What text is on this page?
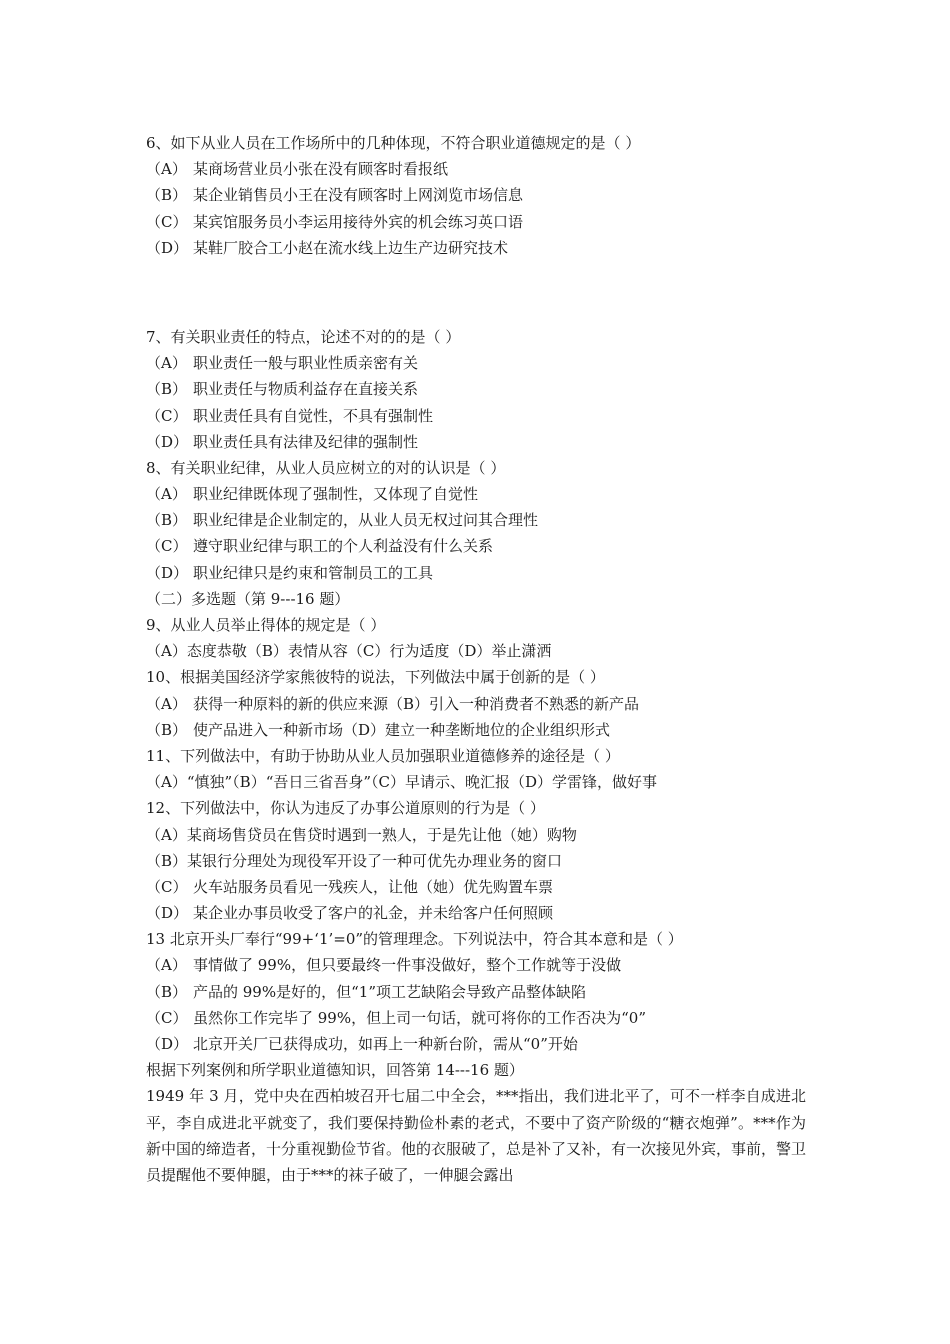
6、如下从业人员在工作场所中的几种体现，不符合职业道德规定的是（ ）
（A） 某商场营业员小张在没有顾客时看报纸
（B） 某企业销售员小王在没有顾客时上网浏览市场信息
（C） 某宾馆服务员小李运用接待外宾的机会练习英口语
（D） 某鞋厂胶合工小赵在流水线上边生产边研究技术
7、有关职业责任的特点，论述不对的的是（ ）
（A） 职业责任一般与职业性质亲密有关
（B） 职业责任与物质利益存在直接关系
（C） 职业责任具有自觉性，不具有强制性
（D） 职业责任具有法律及纪律的强制性
8、有关职业纪律，从业人员应树立的对的认识是（ ）
（A） 职业纪律既体现了强制性，又体现了自觉性
（B） 职业纪律是企业制定的，从业人员无权过问其合理性
（C） 遵守职业纪律与职工的个人利益没有什么关系
（D） 职业纪律只是约束和管制员工的工具
（二）多选题（第 9---16 题）
9、从业人员举止得体的规定是（ ）
（A）态度恭敬（B）表情从容（C）行为适度（D）举止潇洒
10、根据美国经济学家熊彼特的说法，下列做法中属于创新的是（ ）
（A） 获得一种原料的新的供应来源（B）引入一种消费者不熟悉的新产品
（B） 使产品进入一种新市场（D）建立一种垄断地位的企业组织形式
11、下列做法中，有助于协助从业人员加强职业道德修养的途径是（ ）
（A）“慎独”（B）“吾日三省吾身”（C）早请示、晚汇报（D）学雷锋，做好事
12、下列做法中，你认为违反了办事公道原则的行为是（ ）
（A）某商场售贷员在售贷时遇到一熟人，于是先让他（她）购物
（B）某银行分理处为现役军开设了一种可优先办理业务的窗口
（C） 火车站服务员看见一残疾人，让他（她）优先购置车票
（D） 某企业办事员收受了客户的礼金，并未给客户任何照顾
13 北京开头厂奉行“99+‘1’=0”的管理理念。下列说法中，符合其本意和是（ ）
（A） 事情做了 99%，但只要最终一件事没做好，整个工作就等于没做
（B） 产品的 99%是好的，但“1”项工艺缺陷会导致产品整体缺陷
（C） 虽然你工作完毕了 99%，但上司一句话，就可将你的工作否决为“0”
（D） 北京开关厂已获得成功，如再上一种新台阶，需从“0”开始
根据下列案例和所学职业道德知识，回答第 14---16 题）
1949 年 3 月，党中央在西柏坡召开七届二中全会，***指出，我们进北平了，可不一样李自成进北平，李自成进北平就变了，我们要保持勤俭朴素的老式，不要中了资产阶级的“糖衣炮弹”。***作为新中国的缔造者，十分重视勤俭节省。他的衣服破了，总是补了又补，有一次接见外宾，事前，警卫员提醒他不要伸腿，由于***的袜子破了，一伸腿会露出
